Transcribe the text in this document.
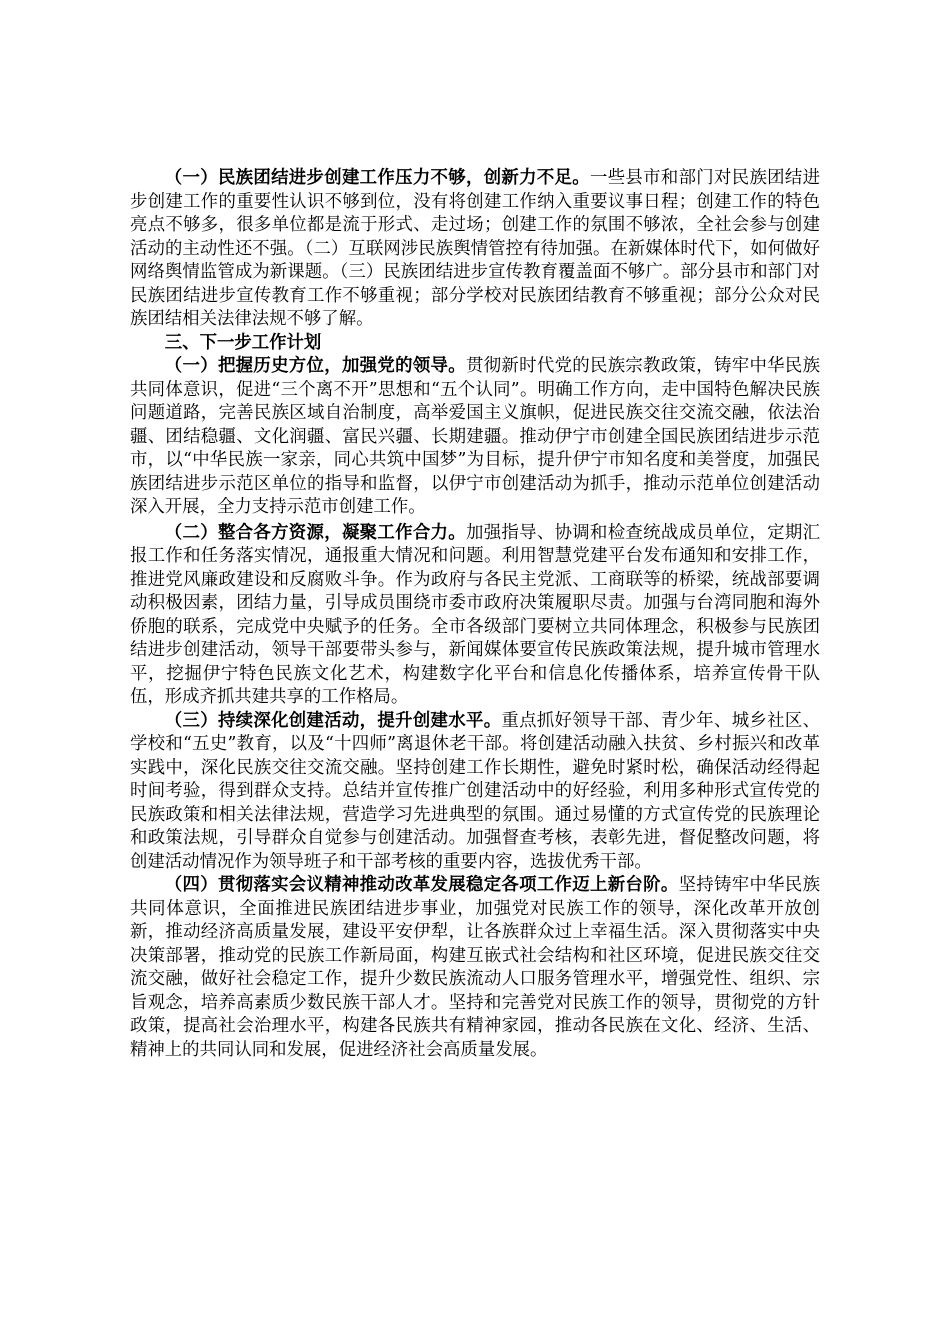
（一）民族团结进步创建工作压力不够，创新力不足。一些县市和部门对民族团结进步创建工作的重要性认识不够到位，没有将创建工作纳入重要议事日程；创建工作的特色亮点不够多，很多单位都是流于形式、走过场；创建工作的氛围不够浓，全社会参与创建活动的主动性还不强。（二）互联网涉民族舆情管控有待加强。在新媒体时代下，如何做好网络舆情监管成为新课题。（三）民族团结进步宣传教育覆盖面不够广。部分县市和部门对民族团结进步宣传教育工作不够重视；部分学校对民族团结教育不够重视；部分公众对民族团结相关法律法规不够了解。

三、下一步工作计划

（一）把握历史方位，加强党的领导。贯彻新时代党的民族宗教政策，铸牢中华民族共同体意识，促进“三个离不开”思想和“五个认同”。明确工作方向，走中国特色解决民族问题道路，完善民族区域自治制度，高举爱国主义旗帜，促进民族交往交流交融，依法治疆、团结稳疆、文化润疆、富民兴疆、长期建疆。推动伊宁市创建全国民族团结进步示范市，以“中华民族一家亲，同心共筑中国梦”为目标，提升伊宁市知名度和美誉度，加强民族团结进步示范区单位的指导和监督，以伊宁市创建活动为抓手，推动示范单位创建活动深入开展，全力支持示范市创建工作。

（二）整合各方资源，凝聚工作合力。加强指导、协调和检查统战成员单位，定期汇报工作和任务落实情况，通报重大情况和问题。利用智慧党建平台发布通知和安排工作，推进党风廉政建设和反腐败斗争。作为政府与各民主党派、工商联等的桥梁，统战部要调动积极因素，团结力量，引导成员围绕市委市政府决策履职尽责。加强与台湾同胞和海外侨胞的联系，完成党中央赋予的任务。全市各级部门要树立共同体理念，积极参与民族团结进步创建活动，领导干部要带头参与，新闻媒体要宣传民族政策法规，提升城市管理水平，挖掘伊宁特色民族文化艺术，构建数字化平台和信息化传播体系，培养宣传骨干队伍，形成齐抓共建共享的工作格局。

（三）持续深化创建活动，提升创建水平。重点抓好领导干部、青少年、城乡社区、学校和“五史”教育，以及“十四师”离退休老干部。将创建活动融入扶贫、乡村振兴和改革实践中，深化民族交往交流交融。坚持创建工作长期性，避免时紧时松，确保活动经得起时间考验，得到群众支持。总结并宣传推广创建活动中的好经验，利用多种形式宣传党的民族政策和相关法律法规，营造学习先进典型的氛围。通过易懂的方式宣传党的民族理论和政策法规，引导群众自觉参与创建活动。加强督查考核，表彰先进，督促整改问题，将创建活动情况作为领导班子和干部考核的重要内容，选拔优秀干部。

（四）贯彻落实会议精神推动改革发展稳定各项工作迈上新台阶。坚持铸牢中华民族共同体意识，全面推进民族团结进步事业，加强党对民族工作的领导，深化改革开放创新，推动经济高质量发展，建设平安伊犁，让各族群众过上幸福生活。深入贯彻落实中央决策部署，推动党的民族工作新局面，构建互嵌式社会结构和社区环境，促进民族交往交流交融，做好社会稳定工作，提升少数民族流动人口服务管理水平，增强党性、组织、宗旨观念，培养高素质少数民族干部人才。坚持和完善党对民族工作的领导，贯彻党的方针政策，提高社会治理水平，构建各民族共有精神家园，推动各民族在文化、经济、生活、精神上的共同认同和发展，促进经济社会高质量发展。
